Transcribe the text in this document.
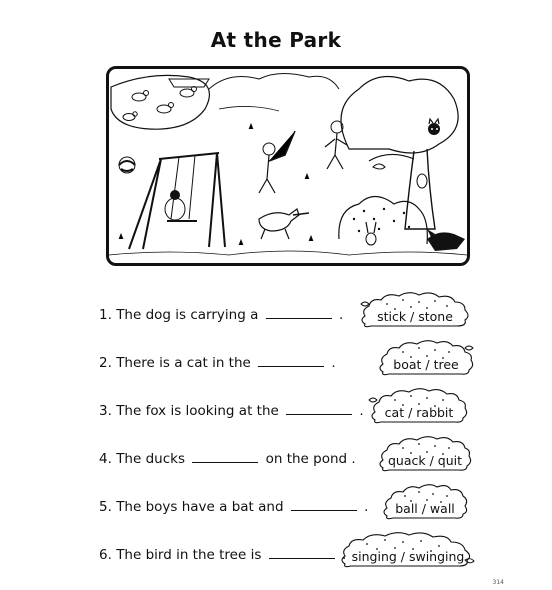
At the Park
1. The dog is carrying a	.	stick / stone
2. There is a cat in the	.	boat / tree
3. The fox is looking at the	.	cat / rabbit
4. The ducks	on the pond .	quack / quit
5. The boys have a bat and	.	ball / wall
6. The bird in the tree is	. singing / swinging
314
